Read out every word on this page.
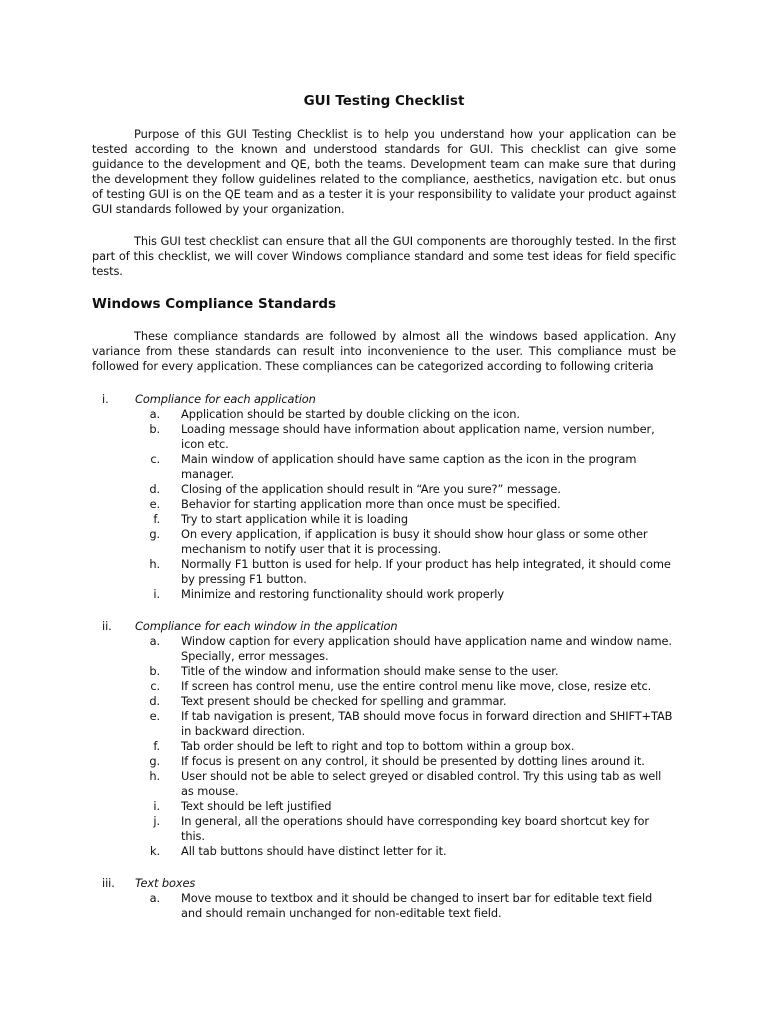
GUI Testing Checklist

Purpose of this GUI Testing Checklist is to help you understand how your application can be tested according to the known and understood standards for GUI. This checklist can give some guidance to the development and QE, both the teams. Development team can make sure that during the development they follow guidelines related to the compliance, aesthetics, navigation etc. but onus of testing GUI is on the QE team and as a tester it is your responsibility to validate your product against GUI standards followed by your organization.

This GUI test checklist can ensure that all the GUI components are thoroughly tested. In the first part of this checklist, we will cover Windows compliance standard and some test ideas for field specific tests.

Windows Compliance Standards

These compliance standards are followed by almost all the windows based application. Any variance from these standards can result into inconvenience to the user. This compliance must be followed for every application. These compliances can be categorized according to following criteria

i.	Compliance for each application
a. Application should be started by double clicking on the icon.
b. Loading message should have information about application name, version number, icon etc.
c. Main window of application should have same caption as the icon in the program manager.
d. Closing of the application should result in “Are you sure?” message.
e. Behavior for starting application more than once must be specified.
f. Try to start application while it is loading
g. On every application, if application is busy it should show hour glass or some other mechanism to notify user that it is processing.
h. Normally F1 button is used for help. If your product has help integrated, it should come by pressing F1 button.
i. Minimize and restoring functionality should work properly
ii.	Compliance for each window in the application
a. Window caption for every application should have application name and window name. Specially, error messages.
b. Title of the window and information should make sense to the user.
c. If screen has control menu, use the entire control menu like move, close, resize etc.
d. Text present should be checked for spelling and grammar.
e. If tab navigation is present, TAB should move focus in forward direction and SHIFT+TAB in backward direction.
f. Tab order should be left to right and top to bottom within a group box.
g. If focus is present on any control, it should be presented by dotting lines around it.
h. User should not be able to select greyed or disabled control. Try this using tab as well as mouse.
i. Text should be left justified
j. In general, all the operations should have corresponding key board shortcut key for this.
k. All tab buttons should have distinct letter for it.
iii.	Text boxes
a. Move mouse to textbox and it should be changed to insert bar for editable text field and should remain unchanged for non-editable text field.
